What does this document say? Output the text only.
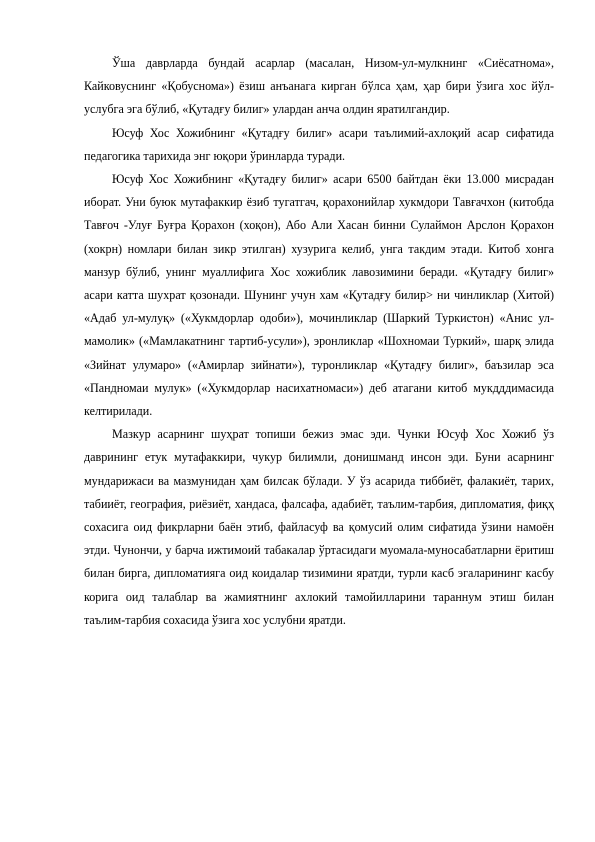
Ўша даврларда бундай асарлар (масалан, Низом-ул-мулкнинг «Сиёсатнома», Кайковуснинг «Қобуснома») ёзиш анъанага кирган бўлса ҳам, ҳар бири ўзига хос йўл-услубга эга бўлиб, «Қутадғу билиг» улардан анча олдин яратилгандир.

Юсуф Хос Хожибнинг «Қутадғу билиг» асари таълимий-ахлоқий асар сифатида педагогика тарихида энг юқори ўринларда туради.

Юсуф Хос Хожибнинг «Қутадғу билиг» асари 6500 байтдан ёки 13.000 мисрадан иборат. Уни буюк мутафаккир ёзиб тугатгач, қорахонийлар хукмдори Тавғачхон (китобда Тавғоч -Улуғ Буғра Қорахон (хоқон), Або Али Хасан бинни Сулаймон Арслон Қорахон (хокрн) номлари билан зикр этилган) хузурига келиб, унга такдим этади. Китоб хонга манзур бўлиб, унинг муаллифига Хос хожиблик лавозимини беради. «Қутадғу билиг» асари катта шухрат қозонади. Шунинг учун хам «Қутадғу билир> ни чинликлар (Хитой) «Адаб ул-мулуқ» («Хукмдорлар одоби»), мочинликлар (Шаркий Туркистон) «Анис ул-мамолик» («Мамлакатнинг тартиб-усули»), эронликлар «Шохномаи Туркий», шарқ элида «Зийнат улумаро» («Амирлар зийнати»), туронликлар «Қутадғу билиг», баъзилар эса «Пандномаи мулук» («Хукмдорлар насихатномаси») деб атагани китоб мукдддимасида келтирилади.

Мазкур асарнинг шуҳрат топиши бежиз эмас эди. Чунки Юсуф Хос Хожиб ўз даврининг етук мутафаккири, чукур билимли, донишманд инсон эди. Буни асарнинг мундарижаси ва мазмунидан ҳам билсак бўлади. У ўз асарида тиббиёт, фалакиёт, тарих, табииёт, география, риёзиёт, хандаса, фалсафа, адабиёт, таълим-тарбия, дипломатия, фиқҳ сохасига оид фикрларни баён этиб, файласуф ва қомусий олим сифатида ўзини намоён этди. Чунончи, у барча ижтимоий табакалар ўртасидаги муомала-муносабатларни ёритиш билан бирга, дипломатияга оид коидалар тизимини яратди, турли касб эгаларининг касбу корига оид талаблар ва жамиятнинг ахлокий тамойилларини тараннум этиш билан таълим-тарбия сохасида ўзига хос услубни яратди.
